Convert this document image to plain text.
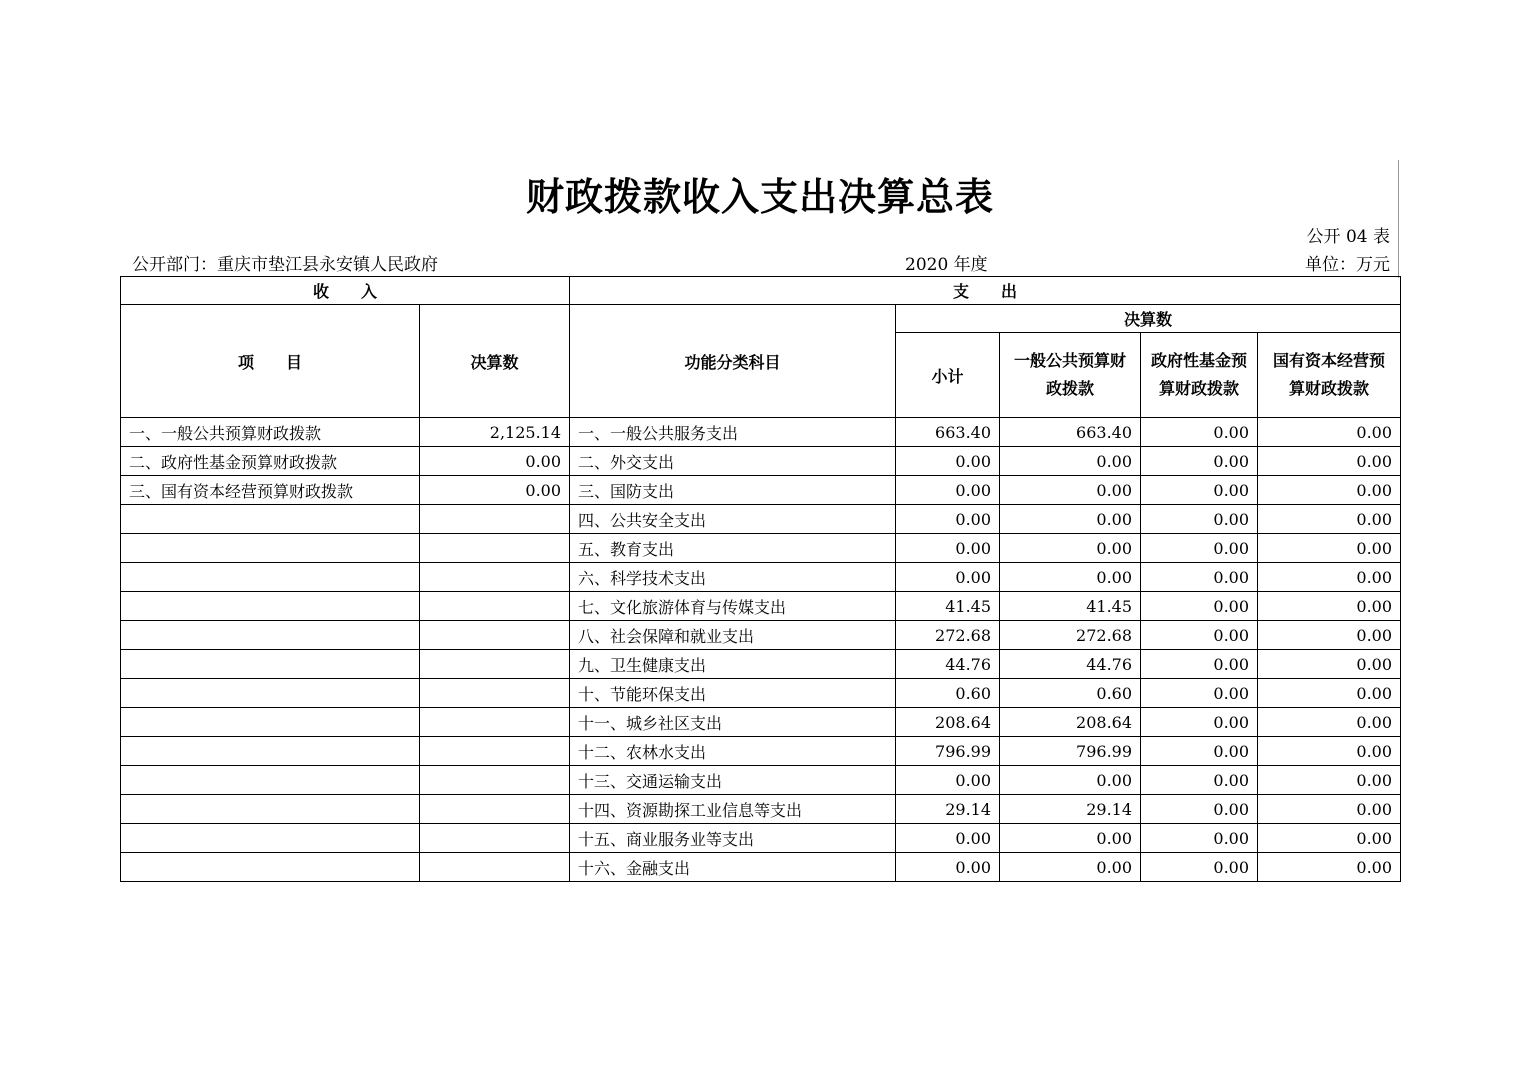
财政拨款收入支出决算总表
公开 04 表
公开部门：重庆市垫江县永安镇人民政府	2020 年度	单位：万元
收　　入		支　　出				
项　　目	决算数	功能分类科目	决算数			
			小计	一般公共预算财政拨款	政府性基金预算财政拨款	国有资本经营预算财政拨款
一、一般公共预算财政拨款	2,125.14	一、一般公共服务支出	663.40	663.40	0.00	0.00
二、政府性基金预算财政拨款	0.00	二、外交支出	0.00	0.00	0.00	0.00
三、国有资本经营预算财政拨款	0.00	三、国防支出	0.00	0.00	0.00	0.00
		四、公共安全支出	0.00	0.00	0.00	0.00
		五、教育支出	0.00	0.00	0.00	0.00
		六、科学技术支出	0.00	0.00	0.00	0.00
		七、文化旅游体育与传媒支出	41.45	41.45	0.00	0.00
		八、社会保障和就业支出	272.68	272.68	0.00	0.00
		九、卫生健康支出	44.76	44.76	0.00	0.00
		十、节能环保支出	0.60	0.60	0.00	0.00
		十一、城乡社区支出	208.64	208.64	0.00	0.00
		十二、农林水支出	796.99	796.99	0.00	0.00
		十三、交通运输支出	0.00	0.00	0.00	0.00
		十四、资源勘探工业信息等支出	29.14	29.14	0.00	0.00
		十五、商业服务业等支出	0.00	0.00	0.00	0.00
		十六、金融支出	0.00	0.00	0.00	0.00
